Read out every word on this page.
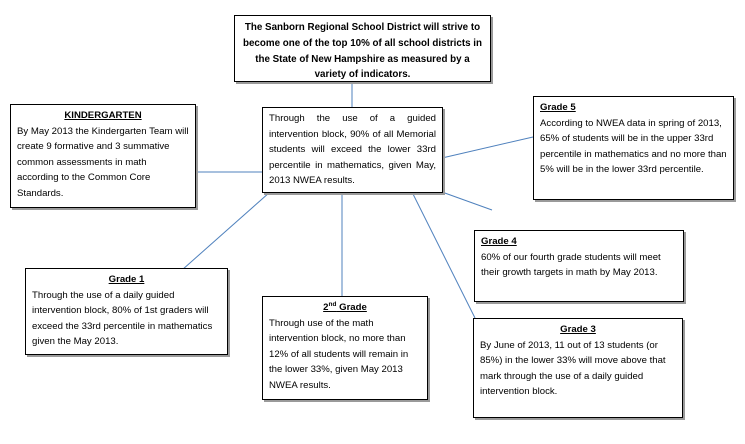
The Sanborn Regional School District will strive to become one of the top 10% of all school districts in the State of New Hampshire as measured by a variety of indicators.
Through the use of a guided intervention block, 90% of all Memorial students will exceed the lower 33rd percentile in mathematics, given May, 2013 NWEA results.
KINDERGARTEN
By May 2013 the Kindergarten Team will create 9 formative and 3 summative common assessments in math according to the Common Core Standards.
Grade 5
According to NWEA data in spring of 2013, 65% of students will be in the upper 33rd percentile in mathematics and no more than 5% will be in the lower 33rd percentile.
Grade 4
60% of our fourth grade students will meet their growth targets in math by May 2013.
Grade 1
Through the use of a daily guided intervention block, 80% of 1st graders will exceed the 33rd percentile in mathematics given the May 2013.
2nd Grade
Through use of the math intervention block, no more than 12% of all students will remain in the lower 33%, given May 2013 NWEA results.
Grade 3
By June of 2013, 11 out of 13 students (or 85%) in the lower 33% will move above that mark through the use of a daily guided intervention block.
